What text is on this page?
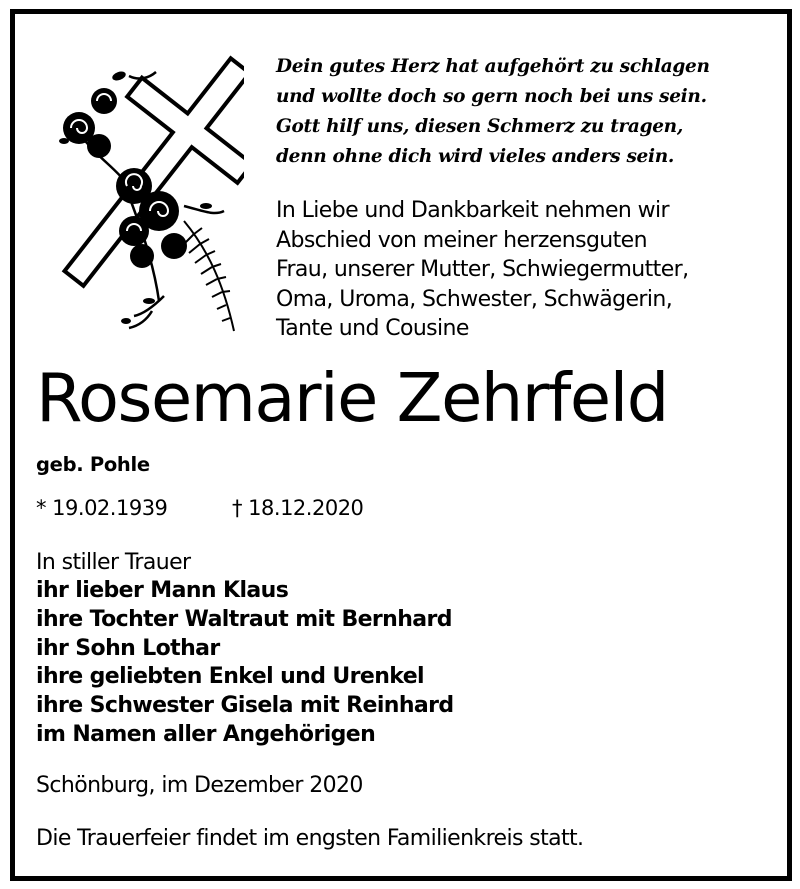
Dein gutes Herz hat aufgehört zu schlagen
und wollte doch so gern noch bei uns sein.
Gott hilf uns, diesen Schmerz zu tragen,
denn ohne dich wird vieles anders sein.
In Liebe und Dankbarkeit nehmen wir
Abschied von meiner herzensguten
Frau, unserer Mutter, Schwiegermutter,
Oma, Uroma, Schwester, Schwägerin,
Tante und Cousine
Rosemarie Zehrfeld
geb. Pohle
* 19.02.1939	† 18.12.2020
In stiller Trauer
ihr lieber Mann Klaus
ihre Tochter Waltraut mit Bernhard
ihr Sohn Lothar
ihre geliebten Enkel und Urenkel
ihre Schwester Gisela mit Reinhard
im Namen aller Angehörigen
Schönburg, im Dezember 2020
Die Trauerfeier findet im engsten Familienkreis statt.
